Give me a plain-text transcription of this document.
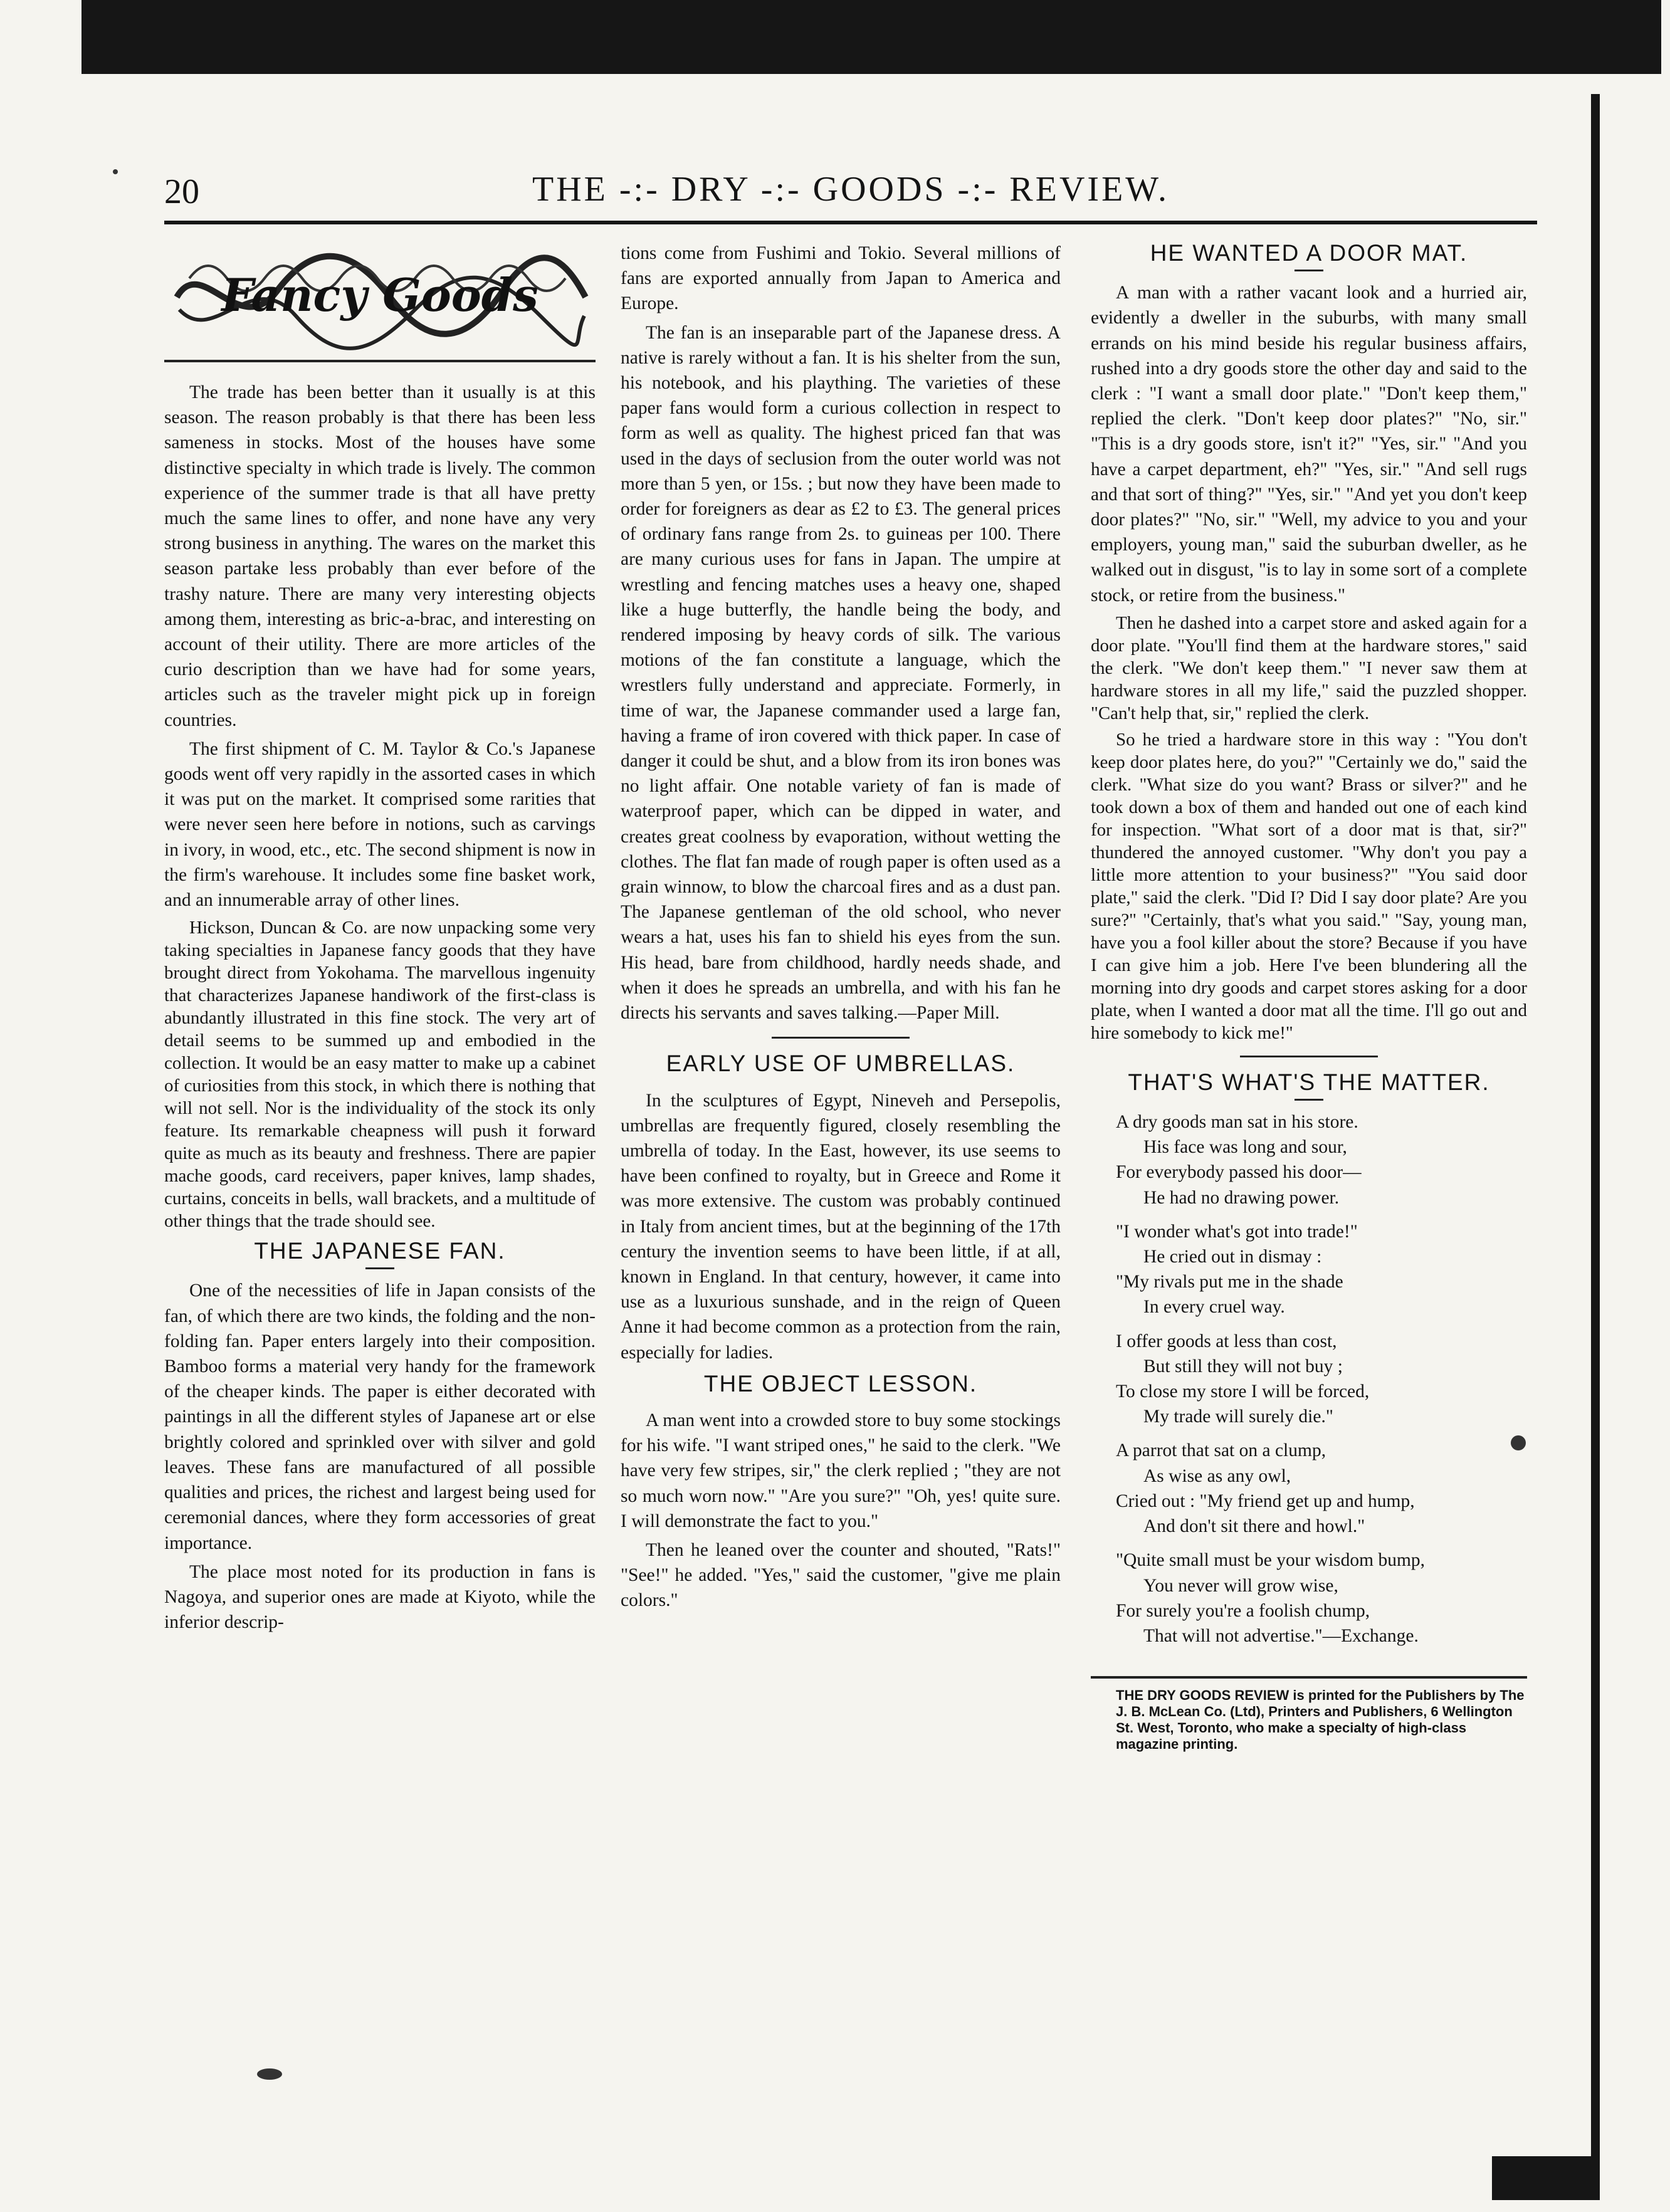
20	THE -:- DRY -:- GOODS -:- REVIEW.
Fancy Goods

The trade has been better than it usually is at this season. The reason probably is that there has been less sameness in stocks. Most of the houses have some distinctive specialty in which trade is lively. The common experience of the summer trade is that all have pretty much the same lines to offer, and none have any very strong business in anything. The wares on the market this season partake less probably than ever before of the trashy nature. There are many very interesting objects among them, interesting as bric-a-brac, and interesting on account of their utility. There are more articles of the curio description than we have had for some years, articles such as the traveler might pick up in foreign countries.

The first shipment of C. M. Taylor & Co.'s Japanese goods went off very rapidly in the assorted cases in which it was put on the market. It comprised some rarities that were never seen here before in notions, such as carvings in ivory, in wood, etc., etc. The second shipment is now in the firm's warehouse. It includes some fine basket work, and an innumerable array of other lines.

Hickson, Duncan & Co. are now unpacking some very taking specialties in Japanese fancy goods that they have brought direct from Yokohama. The marvellous ingenuity that characterizes Japanese handiwork of the first-class is abundantly illustrated in this fine stock. The very art of detail seems to be summed up and embodied in the collection. It would be an easy matter to make up a cabinet of curiosities from this stock, in which there is nothing that will not sell. Nor is the individuality of the stock its only feature. Its remarkable cheapness will push it forward quite as much as its beauty and freshness. There are papier mache goods, card receivers, paper knives, lamp shades, curtains, conceits in bells, wall brackets, and a multitude of other things that the trade should see.

THE JAPANESE FAN.

One of the necessities of life in Japan consists of the fan, of which there are two kinds, the folding and the non-folding fan. Paper enters largely into their composition. Bamboo forms a material very handy for the framework of the cheaper kinds. The paper is either decorated with paintings in all the different styles of Japanese art or else brightly colored and sprinkled over with silver and gold leaves. These fans are manufactured of all possible qualities and prices, the richest and largest being used for ceremonial dances, where they form accessories of great importance.

The place most noted for its production in fans is Nagoya, and superior ones are made at Kiyoto, while the inferior descrip-

tions come from Fushimi and Tokio. Several millions of fans are exported annually from Japan to America and Europe.

The fan is an inseparable part of the Japanese dress. A native is rarely without a fan. It is his shelter from the sun, his notebook, and his plaything. The varieties of these paper fans would form a curious collection in respect to form as well as quality. The highest priced fan that was used in the days of seclusion from the outer world was not more than 5 yen, or 15s. ; but now they have been made to order for foreigners as dear as £2 to £3. The general prices of ordinary fans range from 2s. to guineas per 100. There are many curious uses for fans in Japan. The umpire at wrestling and fencing matches uses a heavy one, shaped like a huge butterfly, the handle being the body, and rendered imposing by heavy cords of silk. The various motions of the fan constitute a language, which the wrestlers fully understand and appreciate. Formerly, in time of war, the Japanese commander used a large fan, having a frame of iron covered with thick paper. In case of danger it could be shut, and a blow from its iron bones was no light affair. One notable variety of fan is made of waterproof paper, which can be dipped in water, and creates great coolness by evaporation, without wetting the clothes. The flat fan made of rough paper is often used as a grain winnow, to blow the charcoal fires and as a dust pan. The Japanese gentleman of the old school, who never wears a hat, uses his fan to shield his eyes from the sun. His head, bare from childhood, hardly needs shade, and when it does he spreads an umbrella, and with his fan he directs his servants and saves talking.—Paper Mill.

EARLY USE OF UMBRELLAS.

In the sculptures of Egypt, Nineveh and Persepolis, umbrellas are frequently figured, closely resembling the umbrella of today. In the East, however, its use seems to have been confined to royalty, but in Greece and Rome it was more extensive. The custom was probably continued in Italy from ancient times, but at the beginning of the 17th century the invention seems to have been little, if at all, known in England. In that century, however, it came into use as a luxurious sunshade, and in the reign of Queen Anne it had become common as a protection from the rain, especially for ladies.

THE OBJECT LESSON.

A man went into a crowded store to buy some stockings for his wife. "I want striped ones," he said to the clerk. "We have very few stripes, sir," the clerk replied ; "they are not so much worn now." "Are you sure?" "Oh, yes! quite sure. I will demonstrate the fact to you."

Then he leaned over the counter and shouted, "Rats!" "See!" he added. "Yes," said the customer, "give me plain colors."

HE WANTED A DOOR MAT.

A man with a rather vacant look and a hurried air, evidently a dweller in the suburbs, with many small errands on his mind beside his regular business affairs, rushed into a dry goods store the other day and said to the clerk : "I want a small door plate." "Don't keep them," replied the clerk. "Don't keep door plates?" "No, sir." "This is a dry goods store, isn't it?" "Yes, sir." "And you have a carpet department, eh?" "Yes, sir." "And sell rugs and that sort of thing?" "Yes, sir." "And yet you don't keep door plates?" "No, sir." "Well, my advice to you and your employers, young man," said the suburban dweller, as he walked out in disgust, "is to lay in some sort of a complete stock, or retire from the business."

Then he dashed into a carpet store and asked again for a door plate. "You'll find them at the hardware stores," said the clerk. "We don't keep them." "I never saw them at hardware stores in all my life," said the puzzled shopper. "Can't help that, sir," replied the clerk.

So he tried a hardware store in this way : "You don't keep door plates here, do you?" "Certainly we do," said the clerk. "What size do you want? Brass or silver?" and he took down a box of them and handed out one of each kind for inspection. "What sort of a door mat is that, sir?" thundered the annoyed customer. "Why don't you pay a little more attention to your business?" "You said door plate," said the clerk. "Did I? Did I say door plate? Are you sure?" "Certainly, that's what you said." "Say, young man, have you a fool killer about the store? Because if you have I can give him a job. Here I've been blundering all the morning into dry goods and carpet stores asking for a door plate, when I wanted a door mat all the time. I'll go out and hire somebody to kick me!"

THAT'S WHAT'S THE MATTER.
A dry goods man sat in his store.
His face was long and sour,
For everybody passed his door—
He had no drawing power.
"I wonder what's got into trade!"
He cried out in dismay :
"My rivals put me in the shade
In every cruel way.
I offer goods at less than cost,
But still they will not buy ;
To close my store I will be forced,
My trade will surely die."
A parrot that sat on a clump,
As wise as any owl,
Cried out : "My friend get up and hump,
And don't sit there and howl."
"Quite small must be your wisdom bump,
You never will grow wise,
For surely you're a foolish chump,
That will not advertise."—Exchange.
THE DRY GOODS REVIEW is printed for the Publishers by The J. B. McLean Co. (Ltd), Printers and Publishers, 6 Wellington St. West, Toronto, who make a specialty of high-class magazine printing.
